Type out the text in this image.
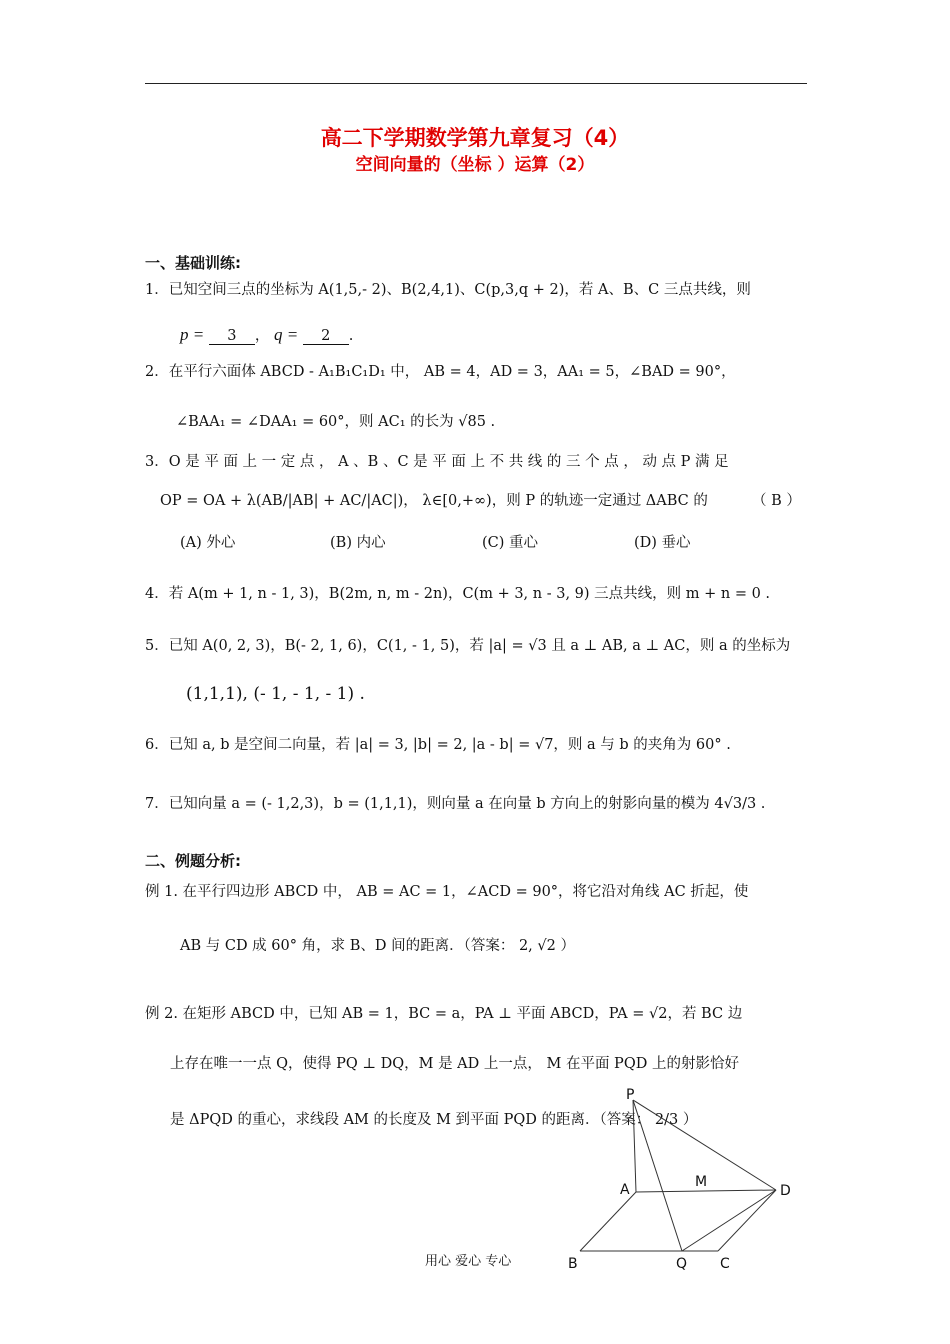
高二下学期数学第九章复习（4）
空间向量的（坐标 ）运算（2）
一、基础训练:
1．已知空间三点的坐标为 A(1,5,- 2)、B(2,4,1)、C(p,3,q + 2)，若 A、B、C 三点共线，则
p = 3 ， q = 2 .
2．在平行六面体 ABCD - A₁B₁C₁D₁ 中， AB = 4，AD = 3，AA₁ = 5，∠BAD = 90°，
∠BAA₁ = ∠DAA₁ = 60°，则 AC₁ 的长为 √85 .
3．O 是 平 面 上 一 定 点 ， A 、B 、C 是 平 面 上 不 共 线 的 三 个 点 ， 动 点 P 满 足
OP = OA + λ(AB/|AB| + AC/|AC|)， λ∈[0,+∞)，则 P 的轨迹一定通过 ΔABC 的	（ B ）
(A) 外心	(B) 内心	(C) 重心	(D) 垂心
4．若 A(m + 1, n - 1, 3)，B(2m, n, m - 2n)，C(m + 3, n - 3, 9) 三点共线，则 m + n = 0 .
5．已知 A(0, 2, 3)，B(- 2, 1, 6)，C(1, - 1, 5)，若 |a| = √3 且 a ⊥ AB, a ⊥ AC，则 a 的坐标为
(1,1,1), (- 1, - 1, - 1) .
6．已知 a, b 是空间二向量，若 |a| = 3, |b| = 2, |a - b| = √7，则 a 与 b 的夹角为 60° .
7．已知向量 a = (- 1,2,3)，b = (1,1,1)，则向量 a 在向量 b 方向上的射影向量的模为 4√3/3 .
二、例题分析:
例 1. 在平行四边形 ABCD 中， AB = AC = 1，∠ACD = 90°，将它沿对角线 AC 折起，使
AB 与 CD 成 60° 角，求 B、D 间的距离．（答案： 2, √2 ）
例 2. 在矩形 ABCD 中，已知 AB = 1，BC = a，PA ⊥ 平面 ABCD，PA = √2，若 BC 边
上存在唯一一点 Q，使得 PQ ⊥ DQ，M 是 AD 上一点， M 在平面 PQD 上的射影恰好
是 ΔPQD 的重心，求线段 AM 的长度及 M 到平面 PQD 的距离．（答案： 2/3 ）
P
A	M
D
B	Q C
用心 爱心 专心
